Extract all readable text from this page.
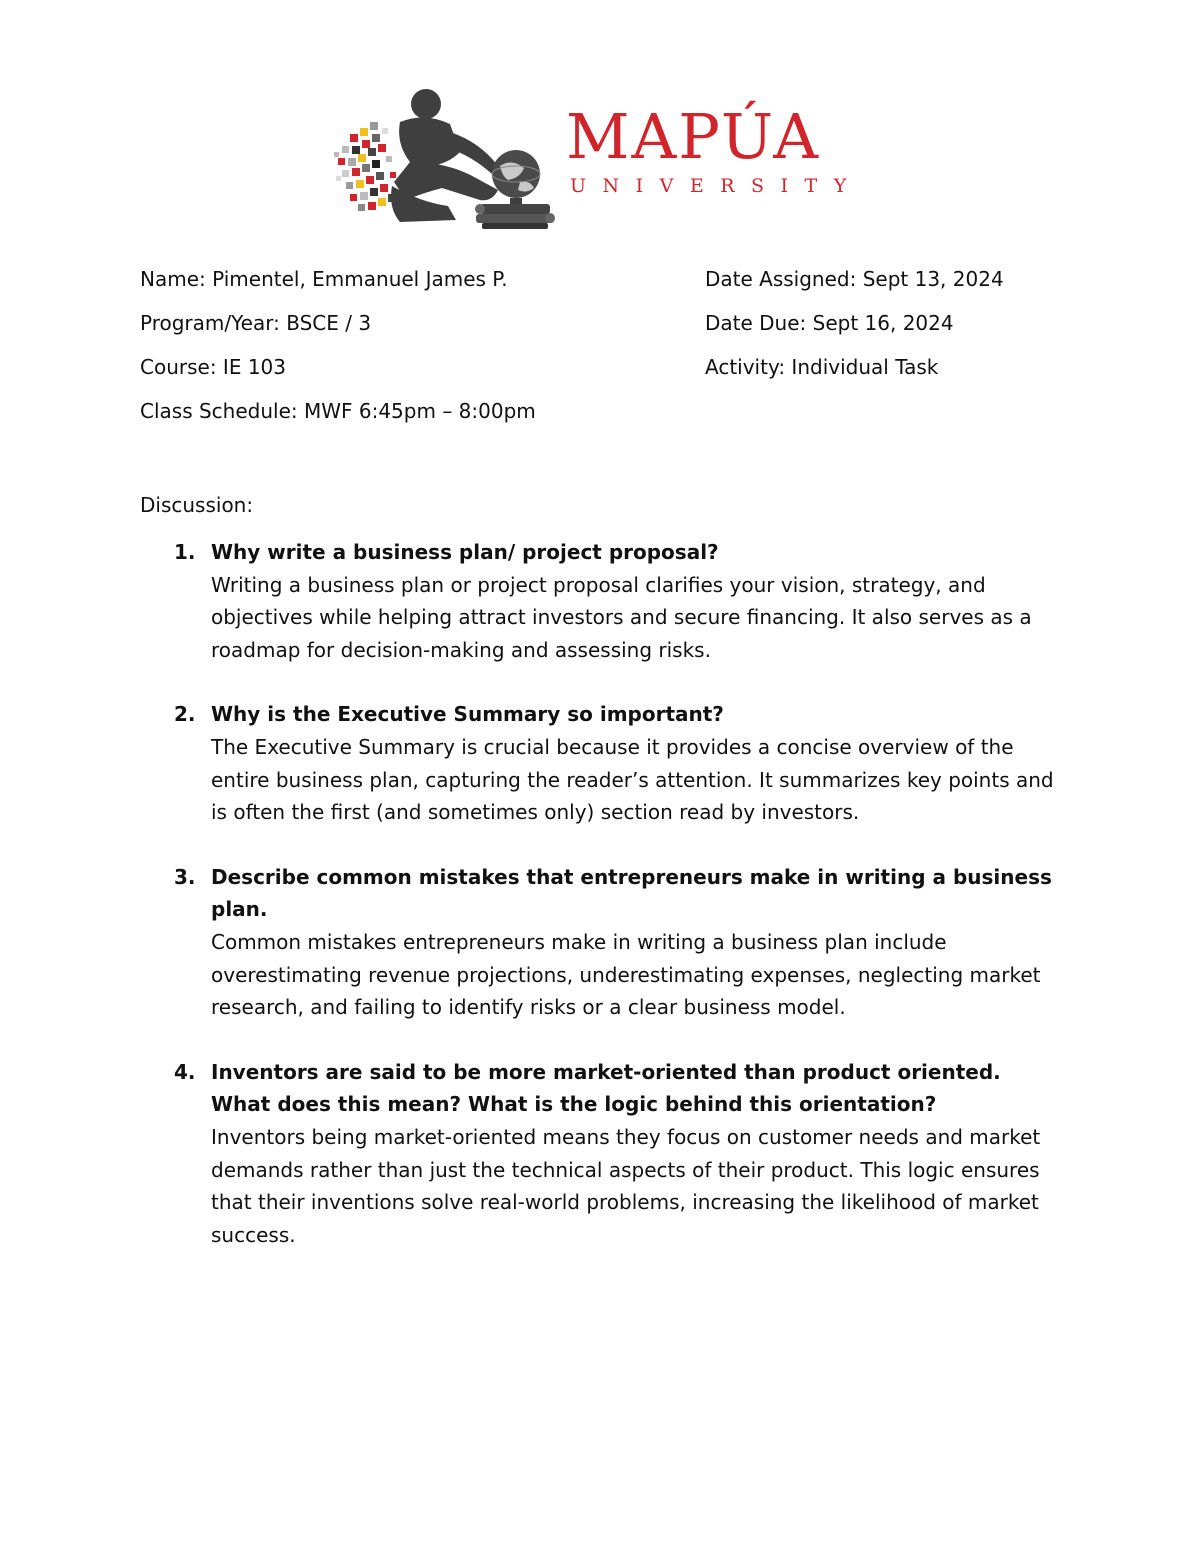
MAPÚA
UNIVERSITY
Name: Pimentel, Emmanuel James P.
Program/Year: BSCE / 3
Course: IE 103
Class Schedule: MWF 6:45pm – 8:00pm
Date Assigned: Sept 13, 2024
Date Due: Sept 16, 2024
Activity: Individual Task
Discussion:
1. Why write a business plan/ project proposal?
Writing a business plan or project proposal clarifies your vision, strategy, and objectives while helping attract investors and secure financing. It also serves as a roadmap for decision-making and assessing risks.
2. Why is the Executive Summary so important?
The Executive Summary is crucial because it provides a concise overview of the entire business plan, capturing the reader’s attention. It summarizes key points and is often the first (and sometimes only) section read by investors.
3. Describe common mistakes that entrepreneurs make in writing a business plan.
Common mistakes entrepreneurs make in writing a business plan include overestimating revenue projections, underestimating expenses, neglecting market research, and failing to identify risks or a clear business model.
4. Inventors are said to be more market-oriented than product oriented. What does this mean? What is the logic behind this orientation?
Inventors being market-oriented means they focus on customer needs and market demands rather than just the technical aspects of their product. This logic ensures that their inventions solve real-world problems, increasing the likelihood of market success.
